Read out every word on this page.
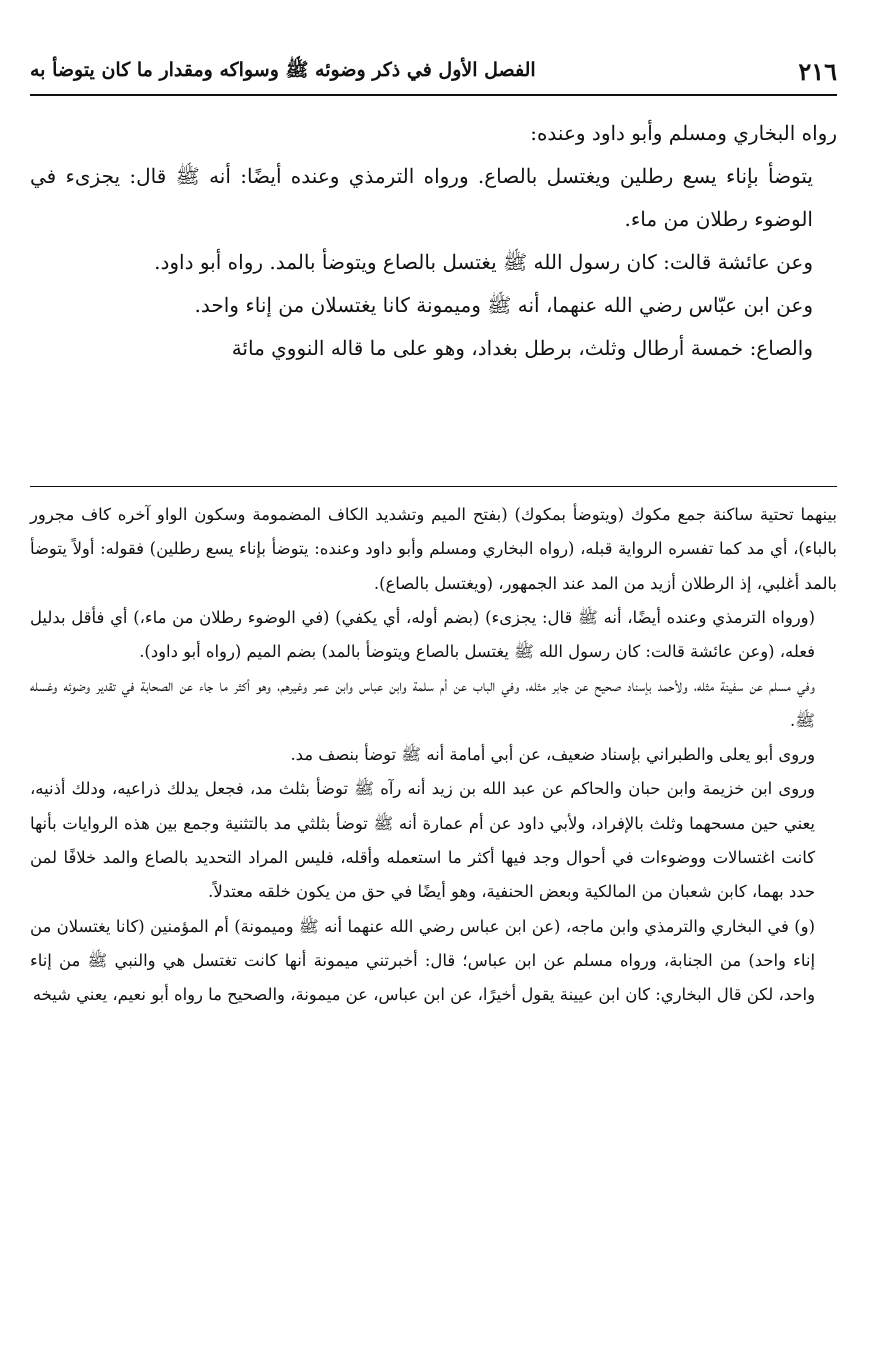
٢١٦
الفصل الأول في ذكر وضوئه ﷺ وسواكه ومقدار ما كان يتوضأ به

رواه البخاري ومسلم وأبو داود وعنده:

يتوضأ بإناء يسع رطلين ويغتسل بالصاع. ورواه الترمذي وعنده أيضًا: أنه ﷺ قال: يجزىء في الوضوء رطلان من ماء.

وعن عائشة قالت: كان رسول الله ﷺ يغتسل بالصاع ويتوضأ بالمد. رواه أبو داود.

وعن ابن عبّاس رضي الله عنهما، أنه ﷺ وميمونة كانا يغتسلان من إناء واحد.

والصاع: خمسة أرطال وثلث، برطل بغداد، وهو على ما قاله النووي مائة

بينهما تحتية ساكنة جمع مكوك (ويتوضأ بمكوك) (بفتح الميم وتشديد الكاف المضمومة وسكون الواو آخره كاف مجرور بالباء)، أي مد كما تفسره الرواية قبله، (رواه البخاري ومسلم وأبو داود وعنده: يتوضأ بإناء يسع رطلين) فقوله: أولاً يتوضأ بالمد أغلبي، إذ الرطلان أزيد من المد عند الجمهور، (ويغتسل بالصاع).

(ورواه الترمذي وعنده أيضًا، أنه ﷺ قال: يجزىء) (بضم أوله، أي يكفي) (في الوضوء رطلان من ماء،) أي فأقل بدليل فعله، (وعن عائشة قالت: كان رسول الله ﷺ يغتسل بالصاع ويتوضأ بالمد) بضم الميم (رواه أبو داود).

وفي مسلم عن سفينة مثله، ولأحمد بإسناد صحيح عن جابر مثله، وفي الباب عن أم سلمة وابن عباس وابن عمر وغيرهم، وهو أكثر ما جاء عن الصحابة في تقدير وضوئه وغسله ﷺ.

وروى أبو يعلى والطبراني بإسناد ضعيف، عن أبي أمامة أنه ﷺ توضأ بنصف مد.

وروى ابن خزيمة وابن حبان والحاكم عن عبد الله بن زيد أنه رآه ﷺ توضأ بثلث مد، فجعل يدلك ذراعيه، ودلك أذنيه، يعني حين مسحهما وثلث بالإفراد، ولأبي داود عن أم عمارة أنه ﷺ توضأ بثلثي مد بالتثنية وجمع بين هذه الروايات بأنها كانت اغتسالات ووضوءات في أحوال وجد فيها أكثر ما استعمله وأقله، فليس المراد التحديد بالصاع والمد خلافًا لمن حدد بهما، كابن شعبان من المالكية وبعض الحنفية، وهو أيضًا في حق من يكون خلقه معتدلاً.

(و) في البخاري والترمذي وابن ماجه، (عن ابن عباس رضي الله عنهما أنه ﷺ وميمونة) أم المؤمنين (كانا يغتسلان من إناء واحد) من الجنابة، ورواه مسلم عن ابن عباس؛ قال: أخبرتني ميمونة أنها كانت تغتسل هي والنبي ﷺ من إناء واحد، لكن قال البخاري: كان ابن عيينة يقول أخيرًا، عن ابن عباس، عن ميمونة، والصحيح ما رواه أبو نعيم، يعني شيخه
